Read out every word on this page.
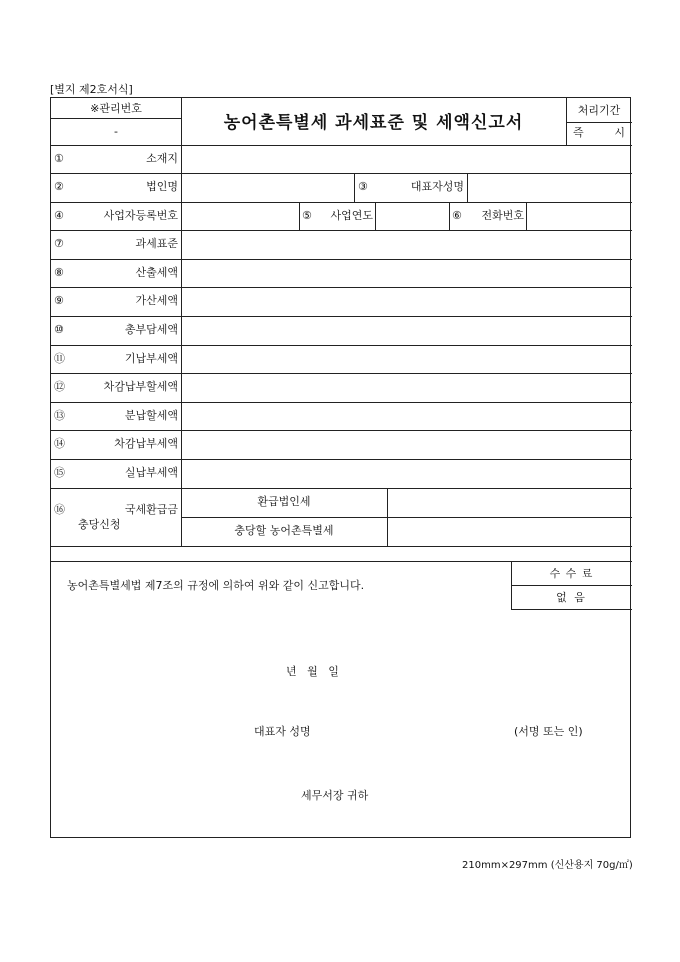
[별지 제2호서식]
※관리번호
-	농어촌특별세 과세표준 및 세액신고서
처리기간
즉 시
①소재지
②법인명	③대표자성명
④사업자등록번호	⑤사업연도	⑥전화번호
⑦과세표준
⑧산출세액
⑨가산세액
⑩총부담세액
⑪기납부세액
⑫차감납부할세액
⑬분납할세액
⑭차감납부세액
⑮실납부세액
⑯국세환급금
충당신청
환급법인세
충당할 농어촌특별세
농어촌특별세법 제7조의 규정에 의하여 위와 같이 신고합니다.
수 수 료
없 음
년   월   일
대표자 성명	(서명 또는 인)
세무서장 귀하
210mm×297mm (신산용지 70g/㎡)
